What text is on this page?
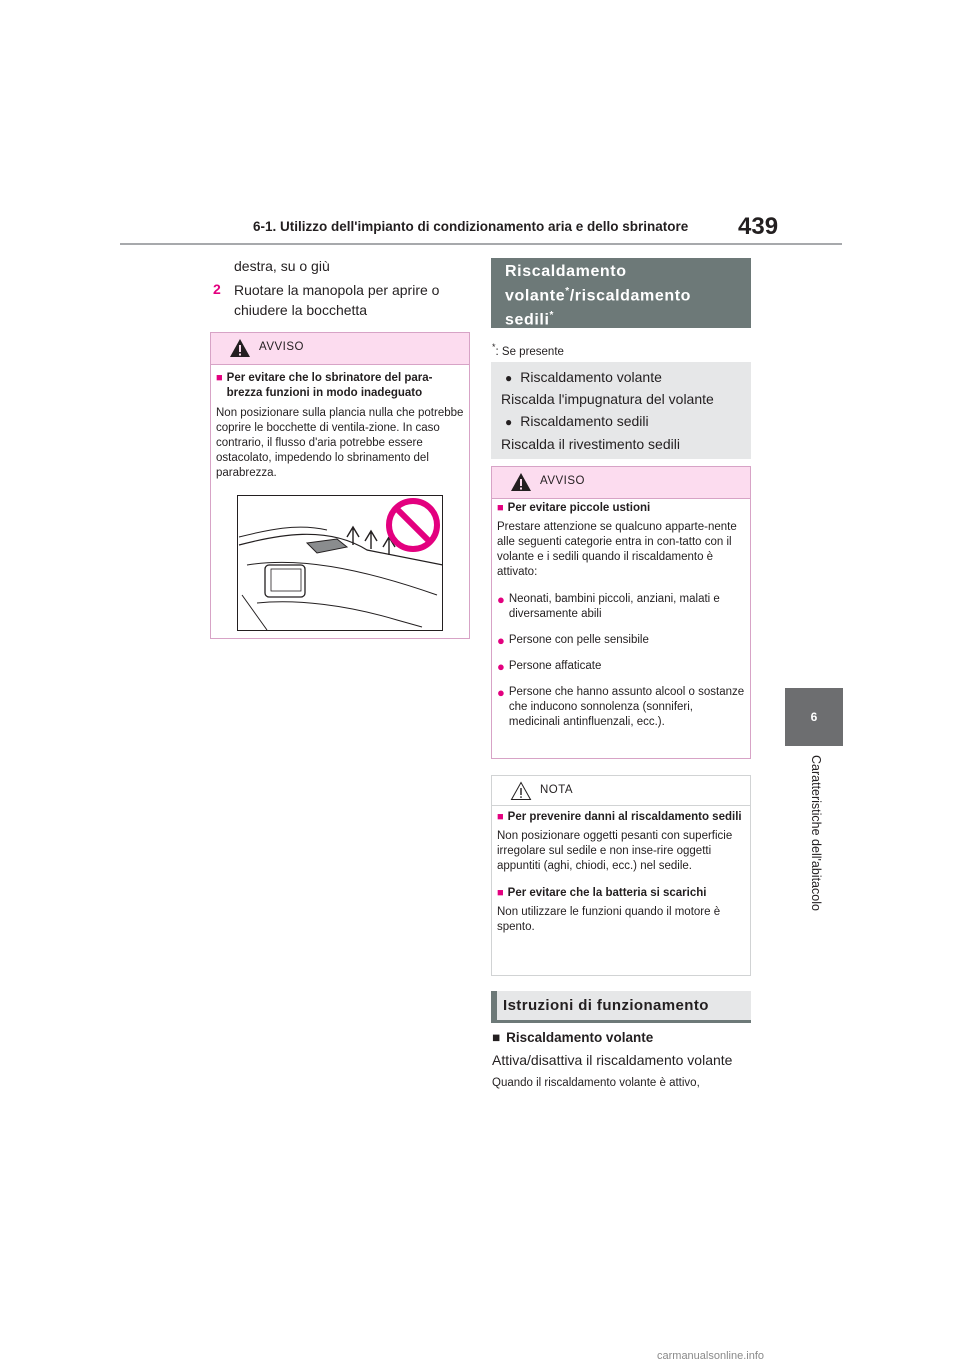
6-1. Utilizzo dell'impianto di condizionamento aria e dello sbrinatore 439
6
Caratteristiche dell'abitacolo
destra, su o giù
2 Ruotare la manopola per aprire o
chiudere la bocchetta
AVVISO
■ Per evitare che lo sbrinatore del para-brezza funzioni in modo inadeguato
Non posizionare sulla plancia nulla che potrebbe coprire le bocchette di ventila-zione. In caso contrario, il flusso d'aria potrebbe essere ostacolato, impedendo lo sbrinamento del parabrezza.
Riscaldamento
volante*/riscaldamento
sedili*
*: Se presente
● Riscaldamento volante
Riscalda l'impugnatura del volante
● Riscaldamento sedili
Riscalda il rivestimento sedili
AVVISO
■ Per evitare piccole ustioni
Prestare attenzione se qualcuno apparte-nente alle seguenti categorie entra in con-tatto con il volante e i sedili quando il riscaldamento è attivato:
● Neonati, bambini piccoli, anziani, malati e diversamente abili
● Persone con pelle sensibile
● Persone affaticate
● Persone che hanno assunto alcool o sostanze che inducono sonnolenza (sonniferi, medicinali antinfluenzali, ecc.).
NOTA
■ Per prevenire danni al riscaldamento sedili
Non posizionare oggetti pesanti con superficie irregolare sul sedile e non inse-rire oggetti appuntiti (aghi, chiodi, ecc.) nel sedile.
■ Per evitare che la batteria si scarichi
Non utilizzare le funzioni quando il motore è spento.
Istruzioni di funzionamento
■ Riscaldamento volante
Attiva/disattiva il riscaldamento volante
Quando il riscaldamento volante è attivo,
carmanualsonline.info
